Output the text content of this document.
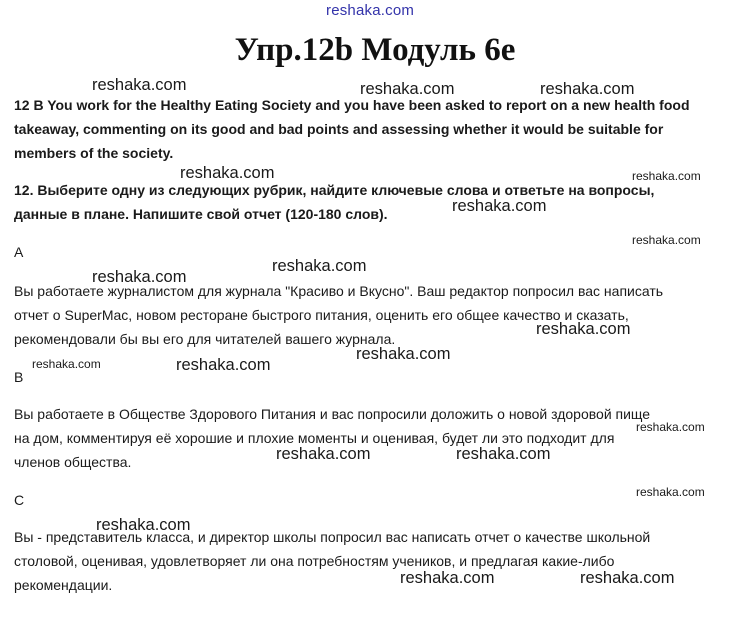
reshaka.com
Упр.12b Модуль 6e
12 B You work for the Healthy Eating Society and you have been asked to report on a new health food
takeaway, commenting on its good and bad points and assessing whether it would be suitable for
members of the society.
12. Выберите одну из следующих рубрик, найдите ключевые слова и ответьте на вопросы,
данные в плане. Напишите свой отчет (120-180 слов).
A
Вы работаете журналистом для журнала "Красиво и Вкусно". Ваш редактор попросил вас написать
отчет о SuperMac, новом ресторане быстрого питания, оценить его общее качество и сказать,
рекомендовали бы вы его для читателей вашего журнала.
B
Вы работаете в Обществе Здорового Питания и вас попросили доложить о новой здоровой пище
на дом, комментируя её хорошие и плохие моменты и оценивая, будет ли это подходит для
членов общества.
C
Вы - представитель класса, и директор школы попросил вас написать отчет о качестве школьной
столовой, оценивая, удовлетворяет ли она потребностям учеников, и предлагая какие-либо
рекомендации.
reshaka.com	reshaka.com	reshaka.com
reshaka.com
reshaka.com
reshaka.com
reshaka.com
reshaka.com
reshaka.com
reshaka.com
reshaka.com	reshaka.com
reshaka.com
reshaka.com	reshaka.com
reshaka.com
reshaka.com
reshaka.com
reshaka.com
reshaka.com
